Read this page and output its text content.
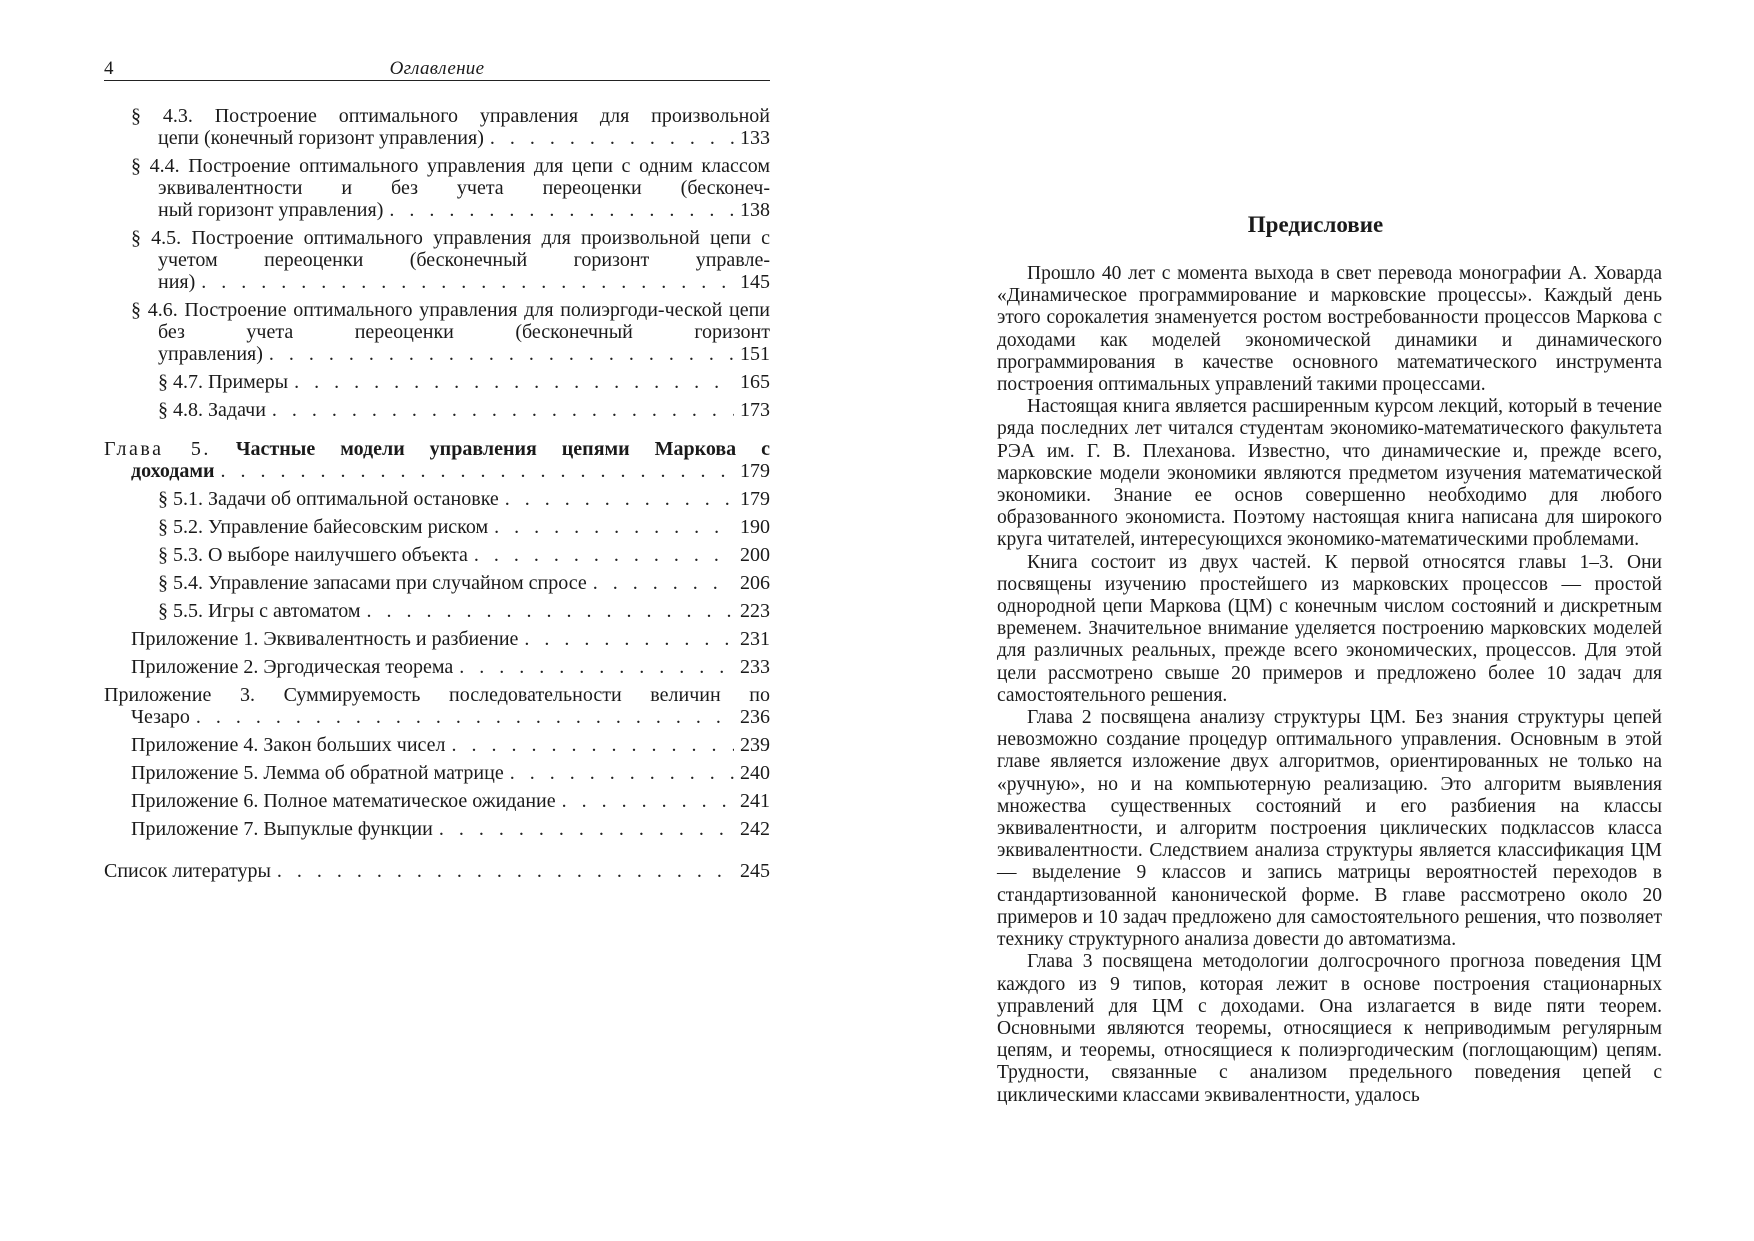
4	Оглавление
§ 4.3. Построение оптимального управления для произвольной
цепи (конечный горизонт управления) . . .	133
§ 4.4. Построение оптимального управления для цепи с одним классом эквивалентности и без учета переоценки (бесконеч-
ный горизонт управления) . . .	138
§ 4.5. Построение оптимального управления для произвольной цепи с учетом переоценки (бесконечный горизонт управле-
ния) . . .	145
§ 4.6. Построение оптимального управления для полиэргоди-ческой цепи без учета переоценки (бесконечный горизонт
управления) . . .	151
§ 4.7. Примеры . . .	165
§ 4.8. Задачи . . .	173
Глава 5. Частные модели управления цепями Маркова с
доходами . . .	179
§ 5.1. Задачи об оптимальной остановке . . .	179
§ 5.2. Управление байесовским риском . . .	190
§ 5.3. О выборе наилучшего объекта . . .	200
§ 5.4. Управление запасами при случайном спросе . . .	206
§ 5.5. Игры с автоматом . . .	223
Приложение 1. Эквивалентность и разбиение . . .	231
Приложение 2. Эргодическая теорема . . .	233
Приложение 3. Суммируемость последовательности величин по
Чезаро . . .	236
Приложение 4. Закон больших чисел . . .	239
Приложение 5. Лемма об обратной матрице . . .	240
Приложение 6. Полное математическое ожидание . . .	241
Приложение 7. Выпуклые функции . . .	242
Список литературы . . .	245
Предисловие

Прошло 40 лет с момента выхода в свет перевода монографии А. Ховарда «Динамическое программирование и марковские процессы». Каждый день этого сорокалетия знаменуется ростом востребованности процессов Маркова с доходами как моделей экономической динамики и динамического программирования в качестве основного математического инструмента построения оптимальных управлений такими процессами.

Настоящая книга является расширенным курсом лекций, который в течение ряда последних лет читался студентам экономико-математического факультета РЭА им. Г. В. Плеханова. Известно, что динамические и, прежде всего, марковские модели экономики являются предметом изучения математической экономики. Знание ее основ совершенно необходимо для любого образованного экономиста. Поэтому настоящая книга написана для широкого круга читателей, интересующихся экономико-математическими проблемами.

Книга состоит из двух частей. К первой относятся главы 1–3. Они посвящены изучению простейшего из марковских процессов — простой однородной цепи Маркова (ЦМ) с конечным числом состояний и дискретным временем. Значительное внимание уделяется построению марковских моделей для различных реальных, прежде всего экономических, процессов. Для этой цели рассмотрено свыше 20 примеров и предложено более 10 задач для самостоятельного решения.

Глава 2 посвящена анализу структуры ЦМ. Без знания структуры цепей невозможно создание процедур оптимального управления. Основным в этой главе является изложение двух алгоритмов, ориентированных не только на «ручную», но и на компьютерную реализацию. Это алгоритм выявления множества существенных состояний и его разбиения на классы эквивалентности, и алгоритм построения циклических подклассов класса эквивалентности. Следствием анализа структуры является классификация ЦМ — выделение 9 классов и запись матрицы вероятностей переходов в стандартизованной канонической форме. В главе рассмотрено около 20 примеров и 10 задач предложено для самостоятельного решения, что позволяет технику структурного анализа довести до автоматизма.

Глава 3 посвящена методологии долгосрочного прогноза поведения ЦМ каждого из 9 типов, которая лежит в основе построения стационарных управлений для ЦМ с доходами. Она излагается в виде пяти теорем. Основными являются теоремы, относящиеся к неприводимым регулярным цепям, и теоремы, относящиеся к полиэргодическим (поглощающим) цепям. Трудности, связанные с анализом предельного поведения цепей с циклическими классами эквивалентности, удалось
